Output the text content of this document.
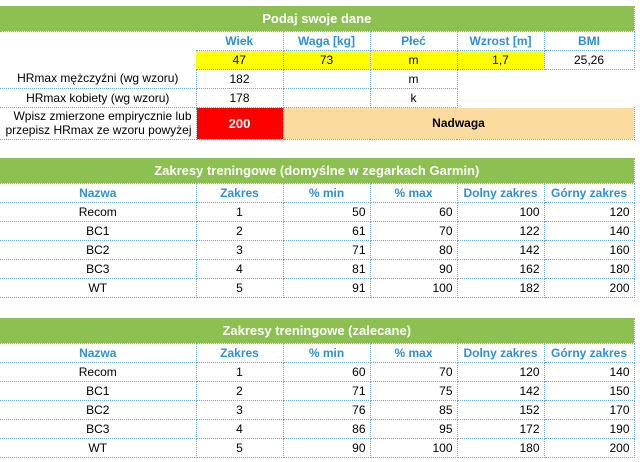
Podaj swoje dane					
	Wiek	Waga [kg]	Płeć	Wzrost [m]	BMI
	47	73	m	1,7	25,26
HRmax mężczyźni (wg wzoru)	182		m		
HRmax kobiety (wg wzoru)	178		k		

Wpisz zmierzone empirycznie lub
przepisz HRmax ze wzoru powyżej	200	Nadwaga			
Zakresy treningowe (domyślne w zegarkach Garmin)					
Nazwa	Zakres	% min	% max	Dolny zakres	Górny zakres
Recom	1	50	60	100	120
BC1	2	61	70	122	140
BC2	3	71	80	142	160
BC3	4	81	90	162	180
WT	5	91	100	182	200
Zakresy treningowe (zalecane)					
Nazwa	Zakres	% min	% max	Dolny zakres	Górny zakres
Recom	1	60	70	120	140
BC1	2	71	75	142	150
BC2	3	76	85	152	170
BC3	4	86	95	172	190
WT	5	90	100	180	200
